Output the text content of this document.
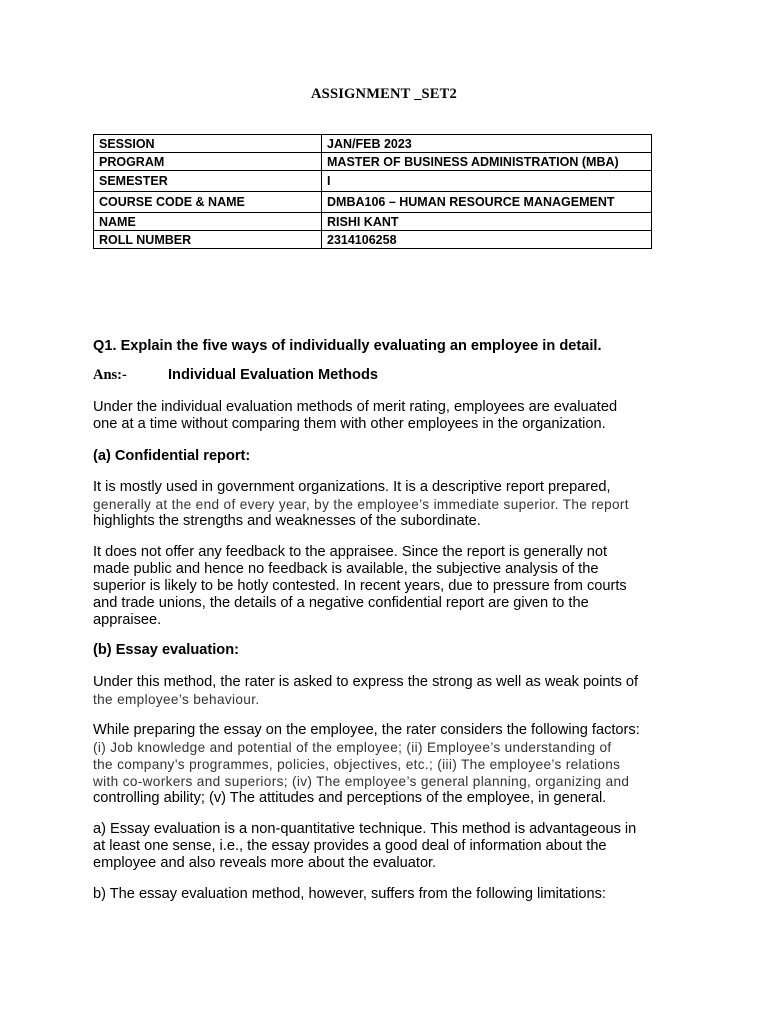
ASSIGNMENT _SET2
SESSION	JAN/FEB 2023
PROGRAM	MASTER OF BUSINESS ADMINISTRATION (MBA)
SEMESTER	I
COURSE CODE & NAME	DMBA106 – HUMAN RESOURCE MANAGEMENT
NAME	RISHI KANT
ROLL NUMBER	2314106258
Q1. Explain the five ways of individually evaluating an employee in detail.
Ans:-	Individual Evaluation Methods
Under the individual evaluation methods of merit rating, employees are evaluated
one at a time without comparing them with other employees in the organization.
(a) Confidential report:
It is mostly used in government organizations. It is a descriptive report prepared,
generally at the end of every year, by the employee’s immediate superior. The report
highlights the strengths and weaknesses of the subordinate.
It does not offer any feedback to the appraisee. Since the report is generally not
made public and hence no feedback is available, the subjective analysis of the
superior is likely to be hotly contested. In recent years, due to pressure from courts
and trade unions, the details of a negative confidential report are given to the
appraisee.
(b) Essay evaluation:
Under this method, the rater is asked to express the strong as well as weak points of
the employee’s behaviour.
While preparing the essay on the employee, the rater considers the following factors:
(i) Job knowledge and potential of the employee; (ii) Employee’s understanding of
the company’s programmes, policies, objectives, etc.; (iii) The employee’s relations
with co-workers and superiors; (iv) The employee’s general planning, organizing and
controlling ability; (v) The attitudes and perceptions of the employee, in general.
a) Essay evaluation is a non-quantitative technique. This method is advantageous in
at least one sense, i.e., the essay provides a good deal of information about the
employee and also reveals more about the evaluator.
b) The essay evaluation method, however, suffers from the following limitations:
